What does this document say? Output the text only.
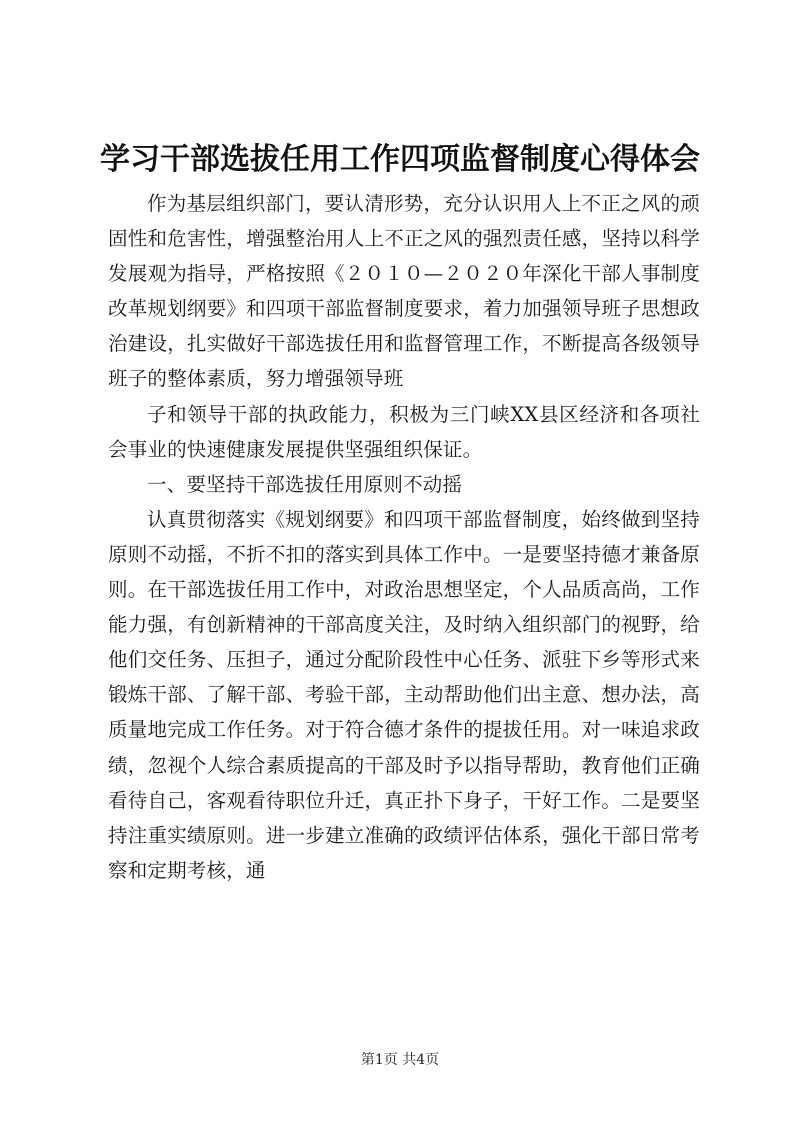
学习干部选拔任用工作四项监督制度心得体会

作为基层组织部门，要认清形势，充分认识用人上不正之风的顽固性和危害性，增强整治用人上不正之风的强烈责任感，坚持以科学发展观为指导，严格按照《２０１０—２０２０年深化干部人事制度改革规划纲要》和四项干部监督制度要求，着力加强领导班子思想政治建设，扎实做好干部选拔任用和监督管理工作，不断提高各级领导班子的整体素质，努力增强领导班

子和领导干部的执政能力，积极为三门峡XX县区经济和各项社会事业的快速健康发展提供坚强组织保证。

一、要坚持干部选拔任用原则不动摇

认真贯彻落实《规划纲要》和四项干部监督制度，始终做到坚持原则不动摇，不折不扣的落实到具体工作中。一是要坚持德才兼备原则。在干部选拔任用工作中，对政治思想坚定，个人品质高尚，工作能力强，有创新精神的干部高度关注，及时纳入组织部门的视野，给他们交任务、压担子，通过分配阶段性中心任务、派驻下乡等形式来锻炼干部、了解干部、考验干部，主动帮助他们出主意、想办法，高质量地完成工作任务。对于符合德才条件的提拔任用。对一味追求政绩，忽视个人综合素质提高的干部及时予以指导帮助，教育他们正确看待自己，客观看待职位升迁，真正扑下身子，干好工作。二是要坚持注重实绩原则。进一步建立准确的政绩评估体系，强化干部日常考察和定期考核，通

第1页 共4页
